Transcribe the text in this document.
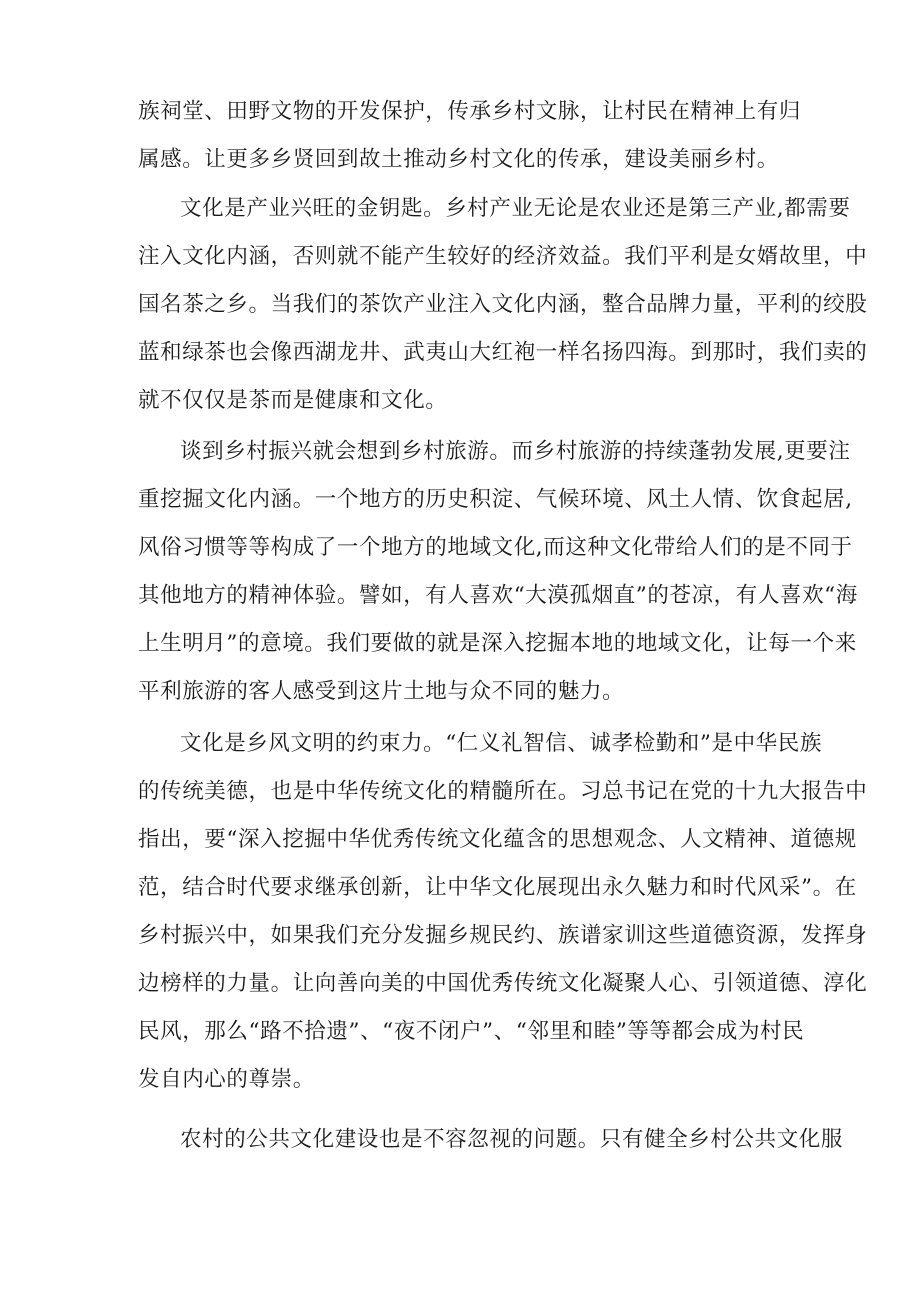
族祠堂、田野文物的开发保护，传承乡村文脉，让村民在精神上有归
属感。让更多乡贤回到故土推动乡村文化的传承，建设美丽乡村。
文化是产业兴旺的金钥匙。乡村产业无论是农业还是第三产业,都需要
注入文化内涵，否则就不能产生较好的经济效益。我们平利是女婿故里，中
国名茶之乡。当我们的茶饮产业注入文化内涵，整合品牌力量，平利的绞股
蓝和绿茶也会像西湖龙井、武夷山大红袍一样名扬四海。到那时，我们卖的
就不仅仅是茶而是健康和文化。
谈到乡村振兴就会想到乡村旅游。而乡村旅游的持续蓬勃发展,更要注
重挖掘文化内涵。一个地方的历史积淀、气候环境、风土人情、饮食起居,
风俗习惯等等构成了一个地方的地域文化,而这种文化带给人们的是不同于
其他地方的精神体验。譬如，有人喜欢“大漠孤烟直”的苍凉，有人喜欢“海
上生明月”的意境。我们要做的就是深入挖掘本地的地域文化，让每一个来
平利旅游的客人感受到这片土地与众不同的魅力。
文化是乡风文明的约束力。“仁义礼智信、诚孝检勤和”是中华民族
的传统美德，也是中华传统文化的精髓所在。习总书记在党的十九大报告中
指出，要“深入挖掘中华优秀传统文化蕴含的思想观念、人文精神、道德规
范，结合时代要求继承创新，让中华文化展现出永久魅力和时代风采”。在
乡村振兴中，如果我们充分发掘乡规民约、族谱家训这些道德资源，发挥身
边榜样的力量。让向善向美的中国优秀传统文化凝聚人心、引领道德、淳化
民风，那么“路不拾遗”、“夜不闭户”、“邻里和睦”等等都会成为村民
发自内心的尊崇。
农村的公共文化建设也是不容忽视的问题。只有健全乡村公共文化服
